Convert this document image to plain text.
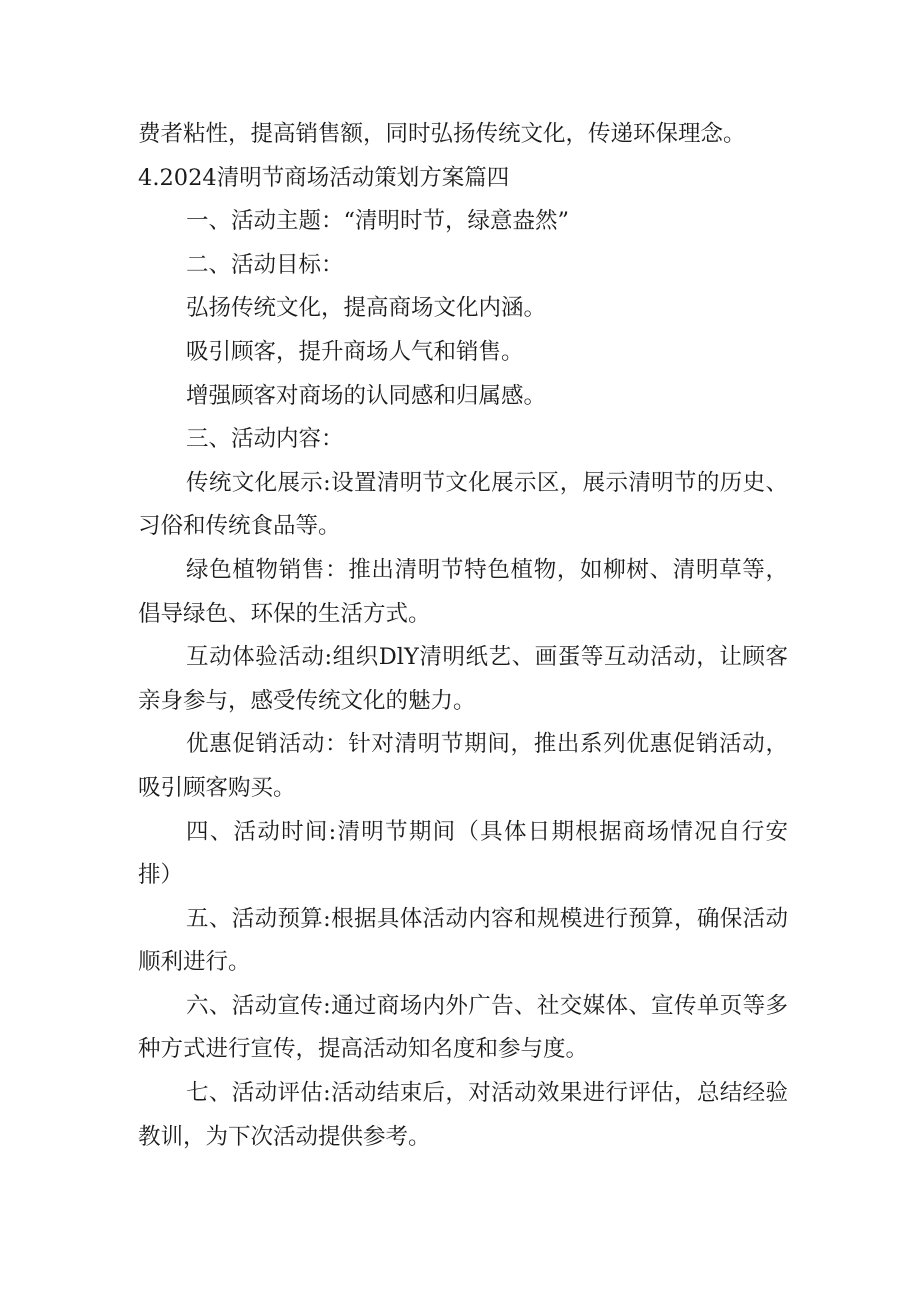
费者粘性，提高销售额，同时弘扬传统文化，传递环保理念。

4.2024清明节商场活动策划方案篇四

一、活动主题：“清明时节，绿意盎然”

二、活动目标：

弘扬传统文化，提高商场文化内涵。

吸引顾客，提升商场人气和销售。

增强顾客对商场的认同感和归属感。

三、活动内容：

传统文化展示:设置清明节文化展示区，展示清明节的历史、习俗和传统食品等。

绿色植物销售：推出清明节特色植物，如柳树、清明草等，倡导绿色、环保的生活方式。

互动体验活动:组织DlY清明纸艺、画蛋等互动活动，让顾客亲身参与，感受传统文化的魅力。

优惠促销活动：针对清明节期间，推出系列优惠促销活动，吸引顾客购买。

四、活动时间:清明节期间（具体日期根据商场情况自行安排）

五、活动预算:根据具体活动内容和规模进行预算，确保活动顺利进行。

六、活动宣传:通过商场内外广告、社交媒体、宣传单页等多种方式进行宣传，提高活动知名度和参与度。

七、活动评估:活动结束后，对活动效果进行评估，总结经验教训，为下次活动提供参考。
